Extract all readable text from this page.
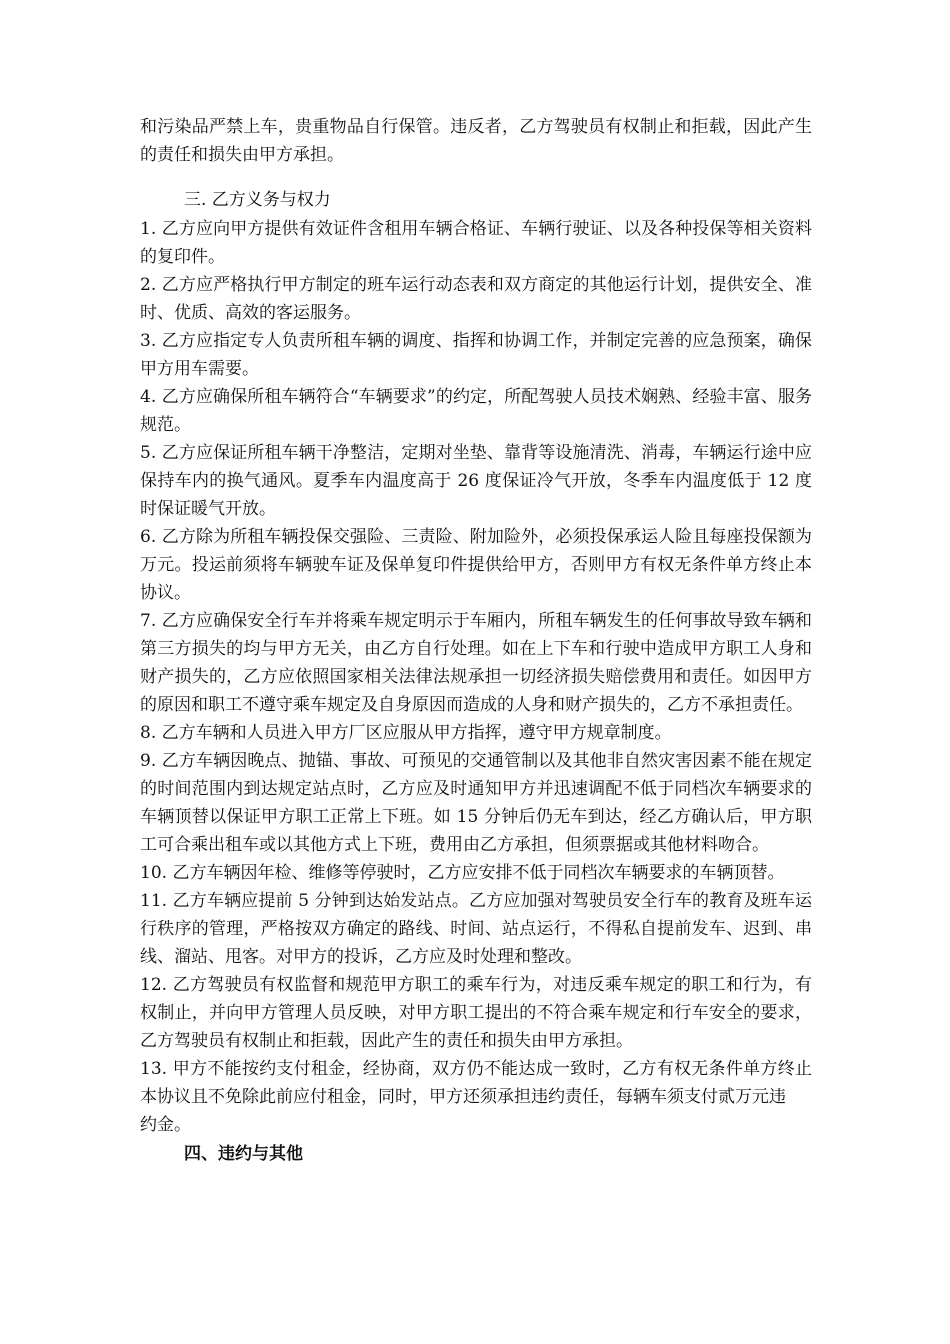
和污染品严禁上车，贵重物品自行保管。违反者，乙方驾驶员有权制止和拒载，因此产生的责任和损失由甲方承担。

三. 乙方义务与权力

1. 乙方应向甲方提供有效证件含租用车辆合格证、车辆行驶证、以及各种投保等相关资料的复印件。

2. 乙方应严格执行甲方制定的班车运行动态表和双方商定的其他运行计划，提供安全、准时、优质、高效的客运服务。

3. 乙方应指定专人负责所租车辆的调度、指挥和协调工作，并制定完善的应急预案，确保甲方用车需要。

4. 乙方应确保所租车辆符合“车辆要求”的约定，所配驾驶人员技术娴熟、经验丰富、服务规范。

5. 乙方应保证所租车辆干净整洁，定期对坐垫、靠背等设施清洗、消毒，车辆运行途中应保持车内的换气通风。夏季车内温度高于 26 度保证冷气开放，冬季车内温度低于 12 度时保证暖气开放。

6. 乙方除为所租车辆投保交强险、三责险、附加险外，必须投保承运人险且每座投保额为　　　　　万元。投运前须将车辆驶车证及保单复印件提供给甲方，否则甲方有权无条件单方终止本协议。

7. 乙方应确保安全行车并将乘车规定明示于车厢内，所租车辆发生的任何事故导致车辆和第三方损失的均与甲方无关，由乙方自行处理。如在上下车和行驶中造成甲方职工人身和财产损失的，乙方应依照国家相关法律法规承担一切经济损失赔偿费用和责任。如因甲方的原因和职工不遵守乘车规定及自身原因而造成的人身和财产损失的，乙方不承担责任。

8. 乙方车辆和人员进入甲方厂区应服从甲方指挥，遵守甲方规章制度。

9. 乙方车辆因晚点、抛锚、事故、可预见的交通管制以及其他非自然灾害因素不能在规定的时间范围内到达规定站点时，乙方应及时通知甲方并迅速调配不低于同档次车辆要求的车辆顶替以保证甲方职工正常上下班。如 15 分钟后仍无车到达，经乙方确认后，甲方职工可合乘出租车或以其他方式上下班，费用由乙方承担，但须票据或其他材料吻合。

10. 乙方车辆因年检、维修等停驶时，乙方应安排不低于同档次车辆要求的车辆顶替。

11. 乙方车辆应提前 5 分钟到达始发站点。乙方应加强对驾驶员安全行车的教育及班车运行秩序的管理，严格按双方确定的路线、时间、站点运行，不得私自提前发车、迟到、串线、溜站、甩客。对甲方的投诉，乙方应及时处理和整改。

12. 乙方驾驶员有权监督和规范甲方职工的乘车行为，对违反乘车规定的职工和行为，有权制止，并向甲方管理人员反映，对甲方职工提出的不符合乘车规定和行车安全的要求，乙方驾驶员有权制止和拒载，因此产生的责任和损失由甲方承担。

13. 甲方不能按约支付租金，经协商，双方仍不能达成一致时，乙方有权无条件单方终止本协议且不免除此前应付租金，同时，甲方还须承担违约责任，每辆车须支付贰万元违

约金。

四、违约与其他
